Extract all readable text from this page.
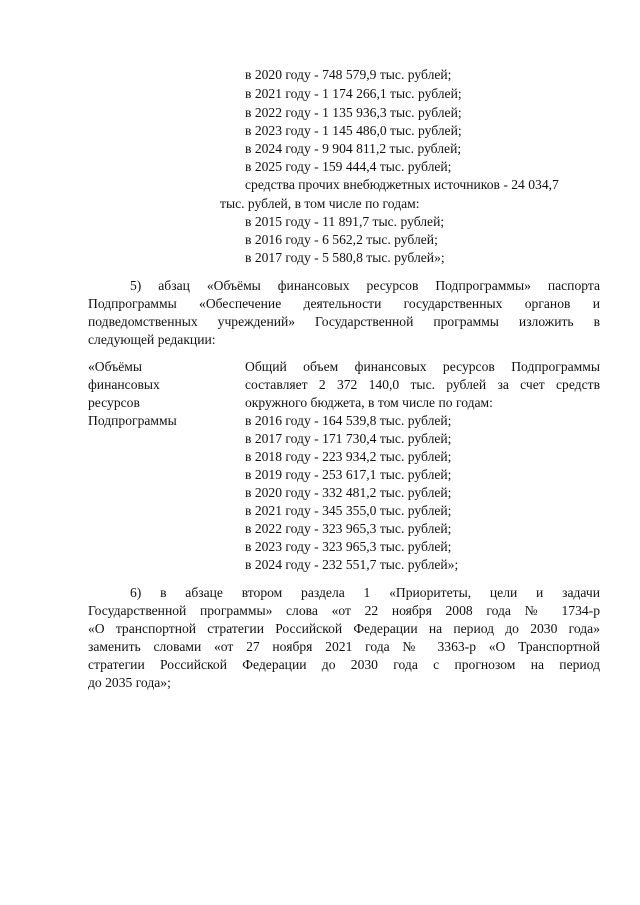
в 2020 году - 748 579,9 тыс. рублей;
в 2021 году - 1 174 266,1 тыс. рублей;
в 2022 году - 1 135 936,3 тыс. рублей;
в 2023 году - 1 145 486,0 тыс. рублей;
в 2024 году - 9 904 811,2 тыс. рублей;
в 2025 году - 159 444,4 тыс. рублей;
средства прочих внебюджетных источников - 24 034,7
тыс. рублей, в том числе по годам:
в 2015 году - 11 891,7 тыс. рублей;
в 2016 году - 6 562,2 тыс. рублей;
в 2017 году - 5 580,8 тыс. рублей»;
5) абзац «Объёмы финансовых ресурсов Подпрограммы» паспорта
Подпрограммы «Обеспечение деятельности государственных органов и
подведомственных учреждений» Государственной программы изложить в
следующей редакции:
«Объёмы
финансовых
ресурсов
Подпрограммы
Общий объем финансовых ресурсов Подпрограммы
составляет 2 372 140,0 тыс. рублей за счет средств
окружного бюджета, в том числе по годам:
в 2016 году - 164 539,8 тыс. рублей;
в 2017 году - 171 730,4 тыс. рублей;
в 2018 году - 223 934,2 тыс. рублей;
в 2019 году - 253 617,1 тыс. рублей;
в 2020 году - 332 481,2 тыс. рублей;
в 2021 году - 345 355,0 тыс. рублей;
в 2022 году - 323 965,3 тыс. рублей;
в 2023 году - 323 965,3 тыс. рублей;
в 2024 году - 232 551,7 тыс. рублей»;
6) в абзаце втором раздела 1 «Приоритеты, цели и задачи
Государственной программы» слова «от 22 ноября 2008 года № 1734-р
«О транспортной стратегии Российской Федерации на период до 2030 года»
заменить словами «от 27 ноября 2021 года № 3363-р «О Транспортной
стратегии Российской Федерации до 2030 года с прогнозом на период
до 2035 года»;
